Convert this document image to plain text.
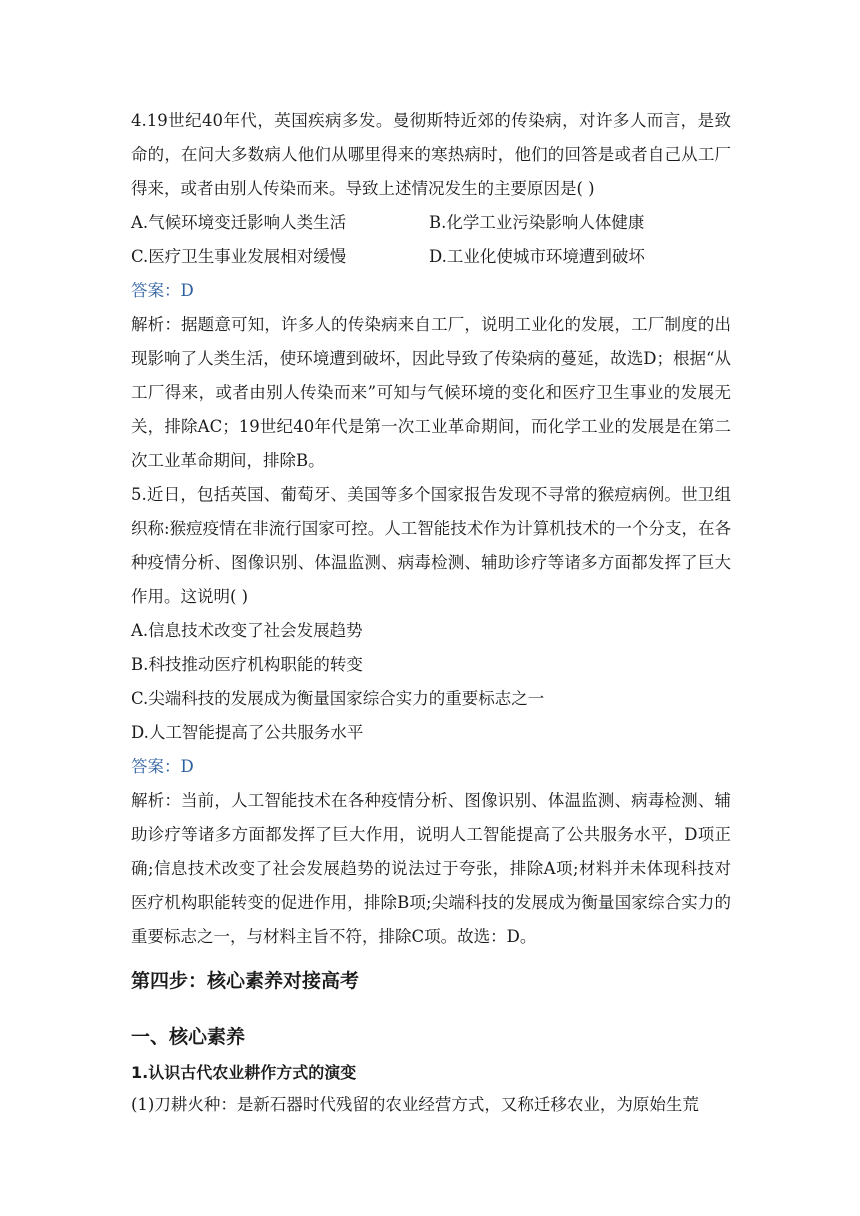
4.19世纪40年代，英国疾病多发。曼彻斯特近郊的传染病，对许多人而言，是致命的，在问大多数病人他们从哪里得来的寒热病时，他们的回答是或者自己从工厂得来，或者由别人传染而来。导致上述情况发生的主要原因是( )

A.气候环境变迁影响人类生活	B.化学工业污染影响人体健康
C.医疗卫生事业发展相对缓慢	D.工业化使城市环境遭到破坏

答案：D

解析：据题意可知，许多人的传染病来自工厂，说明工业化的发展，工厂制度的出现影响了人类生活，使环境遭到破坏，因此导致了传染病的蔓延，故选D；根据“从工厂得来，或者由别人传染而来”可知与气候环境的变化和医疗卫生事业的发展无关，排除AC；19世纪40年代是第一次工业革命期间，而化学工业的发展是在第二次工业革命期间，排除B。

5.近日，包括英国、葡萄牙、美国等多个国家报告发现不寻常的猴痘病例。世卫组织称:猴痘疫情在非流行国家可控。人工智能技术作为计算机技术的一个分支，在各种疫情分析、图像识别、体温监测、病毒检测、辅助诊疗等诸多方面都发挥了巨大作用。这说明( )

A.信息技术改变了社会发展趋势

B.科技推动医疗机构职能的转变

C.尖端科技的发展成为衡量国家综合实力的重要标志之一

D.人工智能提高了公共服务水平

答案：D

解析：当前，人工智能技术在各种疫情分析、图像识别、体温监测、病毒检测、辅助诊疗等诸多方面都发挥了巨大作用，说明人工智能提高了公共服务水平，D项正确;信息技术改变了社会发展趋势的说法过于夸张，排除A项;材料并未体现科技对医疗机构职能转变的促进作用，排除B项;尖端科技的发展成为衡量国家综合实力的重要标志之一，与材料主旨不符，排除C项。故选：D。

第四步：核心素养对接高考
一、核心素养
1.认识古代农业耕作方式的演变

(1)刀耕火种：是新石器时代残留的农业经营方式，又称迁移农业，为原始生荒
